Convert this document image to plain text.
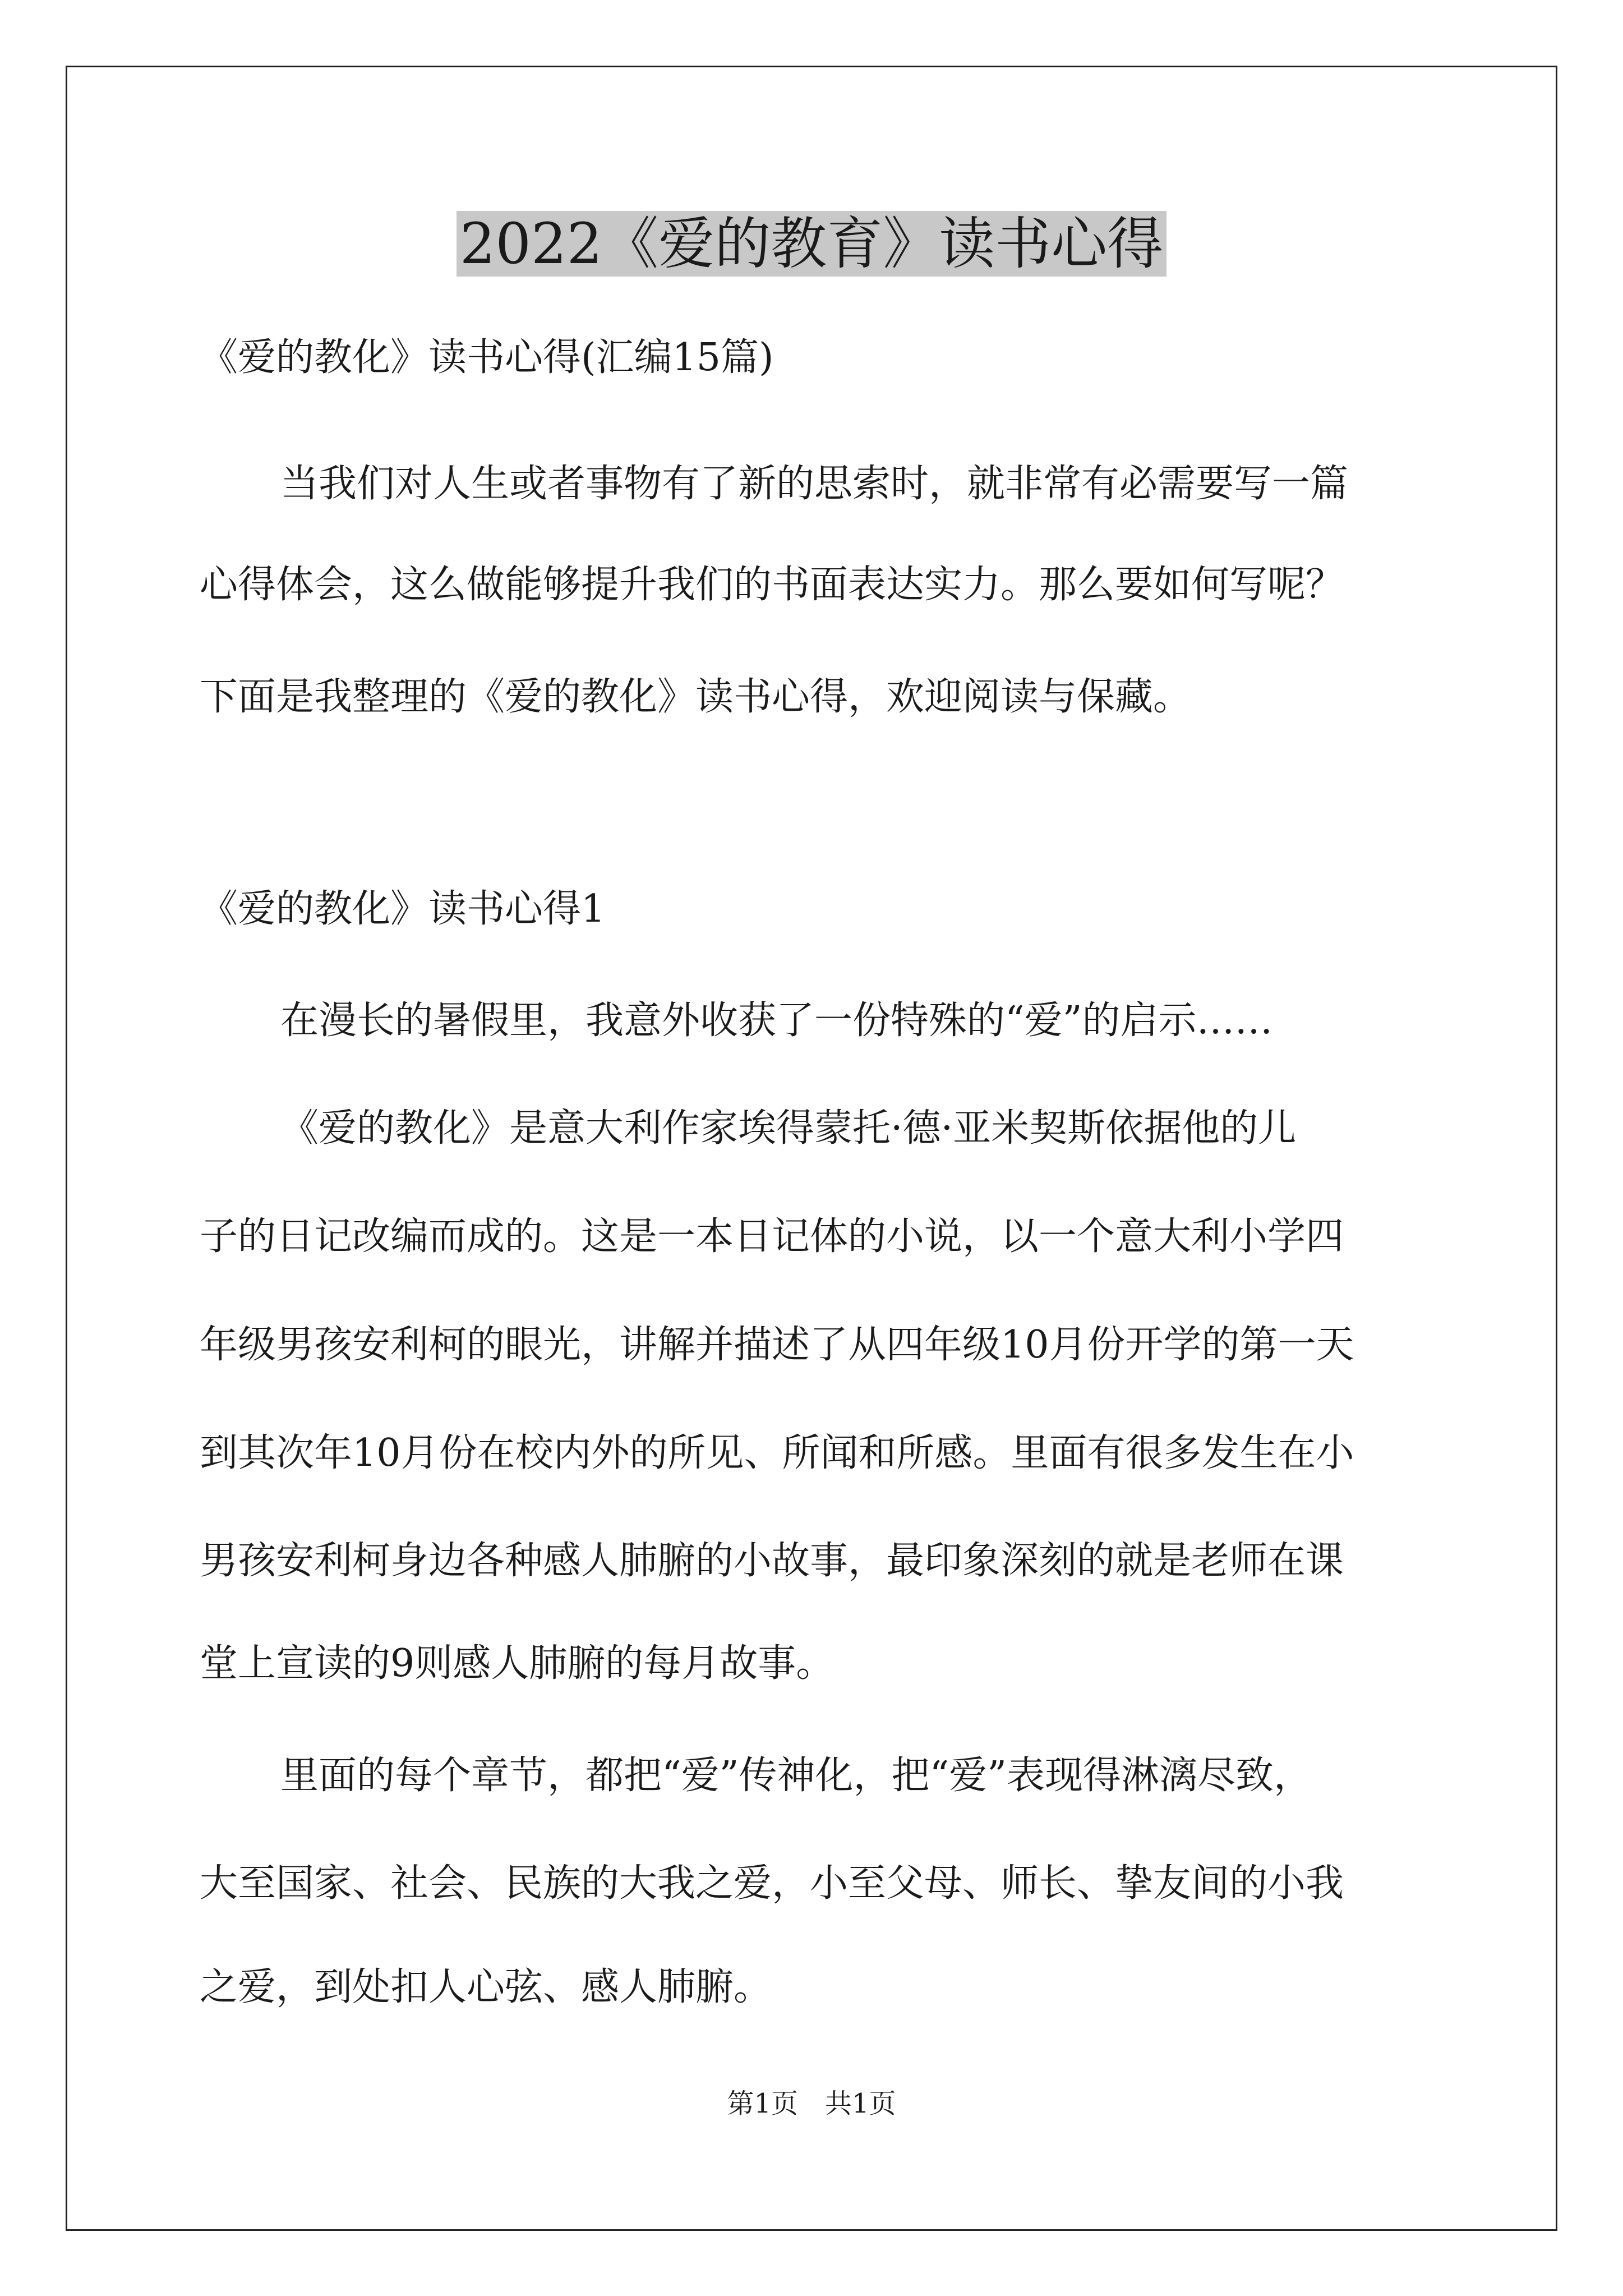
2022《爱的教育》读书心得
《爱的教化》读书心得(汇编15篇)
当我们对人生或者事物有了新的思索时，就非常有必需要写一篇
心得体会，这么做能够提升我们的书面表达实力。那么要如何写呢？
下面是我整理的《爱的教化》读书心得，欢迎阅读与保藏。
《爱的教化》读书心得1
在漫长的暑假里，我意外收获了一份特殊的“爱”的启示……
《爱的教化》是意大利作家埃得蒙托·德·亚米契斯依据他的儿
子的日记改编而成的。这是一本日记体的小说，以一个意大利小学四
年级男孩安利柯的眼光，讲解并描述了从四年级10月份开学的第一天
到其次年10月份在校内外的所见、所闻和所感。里面有很多发生在小
男孩安利柯身边各种感人肺腑的小故事，最印象深刻的就是老师在课
堂上宣读的9则感人肺腑的每月故事。
里面的每个章节，都把“爱”传神化，把“爱”表现得淋漓尽致，
大至国家、社会、民族的大我之爱，小至父母、师长、挚友间的小我
之爱，到处扣人心弦、感人肺腑。
第1页　共1页
